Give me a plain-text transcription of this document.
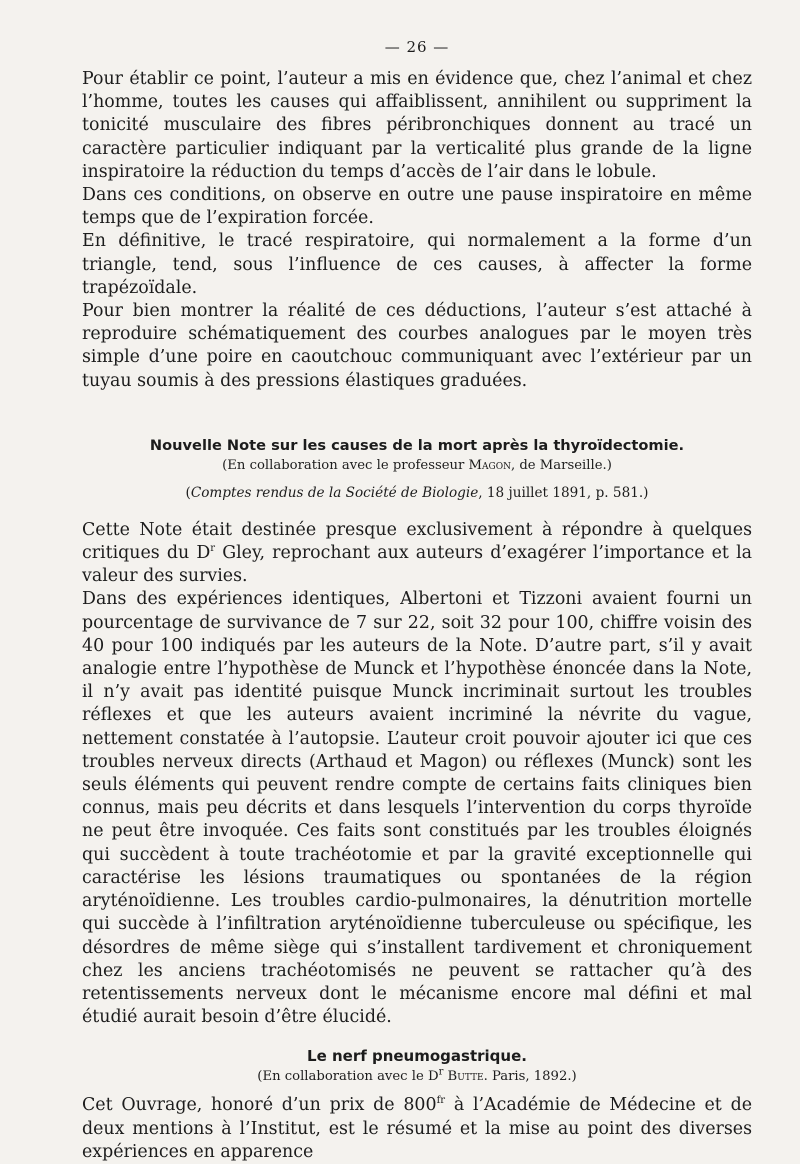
— 26 —

Pour établir ce point, l’auteur a mis en évidence que, chez l’animal et chez l’homme, toutes les causes qui affaiblissent, annihilent ou suppriment la tonicité musculaire des fibres péribronchiques donnent au tracé un caractère particulier indiquant par la verticalité plus grande de la ligne inspiratoire la réduction du temps d’accès de l’air dans le lobule.

Dans ces conditions, on observe en outre une pause inspiratoire en même temps que de l’expiration forcée.

En définitive, le tracé respiratoire, qui normalement a la forme d’un triangle, tend, sous l’influence de ces causes, à affecter la forme trapézoïdale.

Pour bien montrer la réalité de ces déductions, l’auteur s’est attaché à reproduire schématiquement des courbes analogues par le moyen très simple d’une poire en caoutchouc communiquant avec l’extérieur par un tuyau soumis à des pressions élastiques graduées.

Nouvelle Note sur les causes de la mort après la thyroïdectomie.
(En collaboration avec le professeur Magon, de Marseille.)
(Comptes rendus de la Société de Biologie, 18 juillet 1891, p. 581.)

Cette Note était destinée presque exclusivement à répondre à quelques critiques du $D^r$ Gley, reprochant aux auteurs d’exagérer l’importance et la valeur des survies.

Dans des expériences identiques, Albertoni et Tizzoni avaient fourni un pourcentage de survivance de 7 sur 22, soit 32 pour 100, chiffre voisin des 40 pour 100 indiqués par les auteurs de la Note. D’autre part, s’il y avait analogie entre l’hypothèse de Munck et l’hypothèse énoncée dans la Note, il n’y avait pas identité puisque Munck incriminait surtout les troubles réflexes et que les auteurs avaient incriminé la névrite du vague, nettement constatée à l’autopsie. L’auteur croit pouvoir ajouter ici que ces troubles nerveux directs (Arthaud et Magon) ou réflexes (Munck) sont les seuls éléments qui peuvent rendre compte de certains faits cliniques bien connus, mais peu décrits et dans lesquels l’intervention du corps thyroïde ne peut être invoquée. Ces faits sont constitués par les troubles éloignés qui succèdent à toute trachéotomie et par la gravité exceptionnelle qui caractérise les lésions traumatiques ou spontanées de la région aryténoïdienne. Les troubles cardio-pulmonaires, la dénutrition mortelle qui succède à l’infiltration aryténoïdienne tuberculeuse ou spécifique, les désordres de même siège qui s’installent tardivement et chroniquement chez les anciens trachéotomisés ne peuvent se rattacher qu’à des retentissements nerveux dont le mécanisme encore mal défini et mal étudié aurait besoin d’être élucidé.

Le nerf pneumogastrique.
(En collaboration avec le $D^r$ Butte. Paris, 1892.)

Cet Ouvrage, honoré d’un prix de $800^{fr}$ à l’Académie de Médecine et de deux mentions à l’Institut, est le résumé et la mise au point des diverses expériences en apparence
